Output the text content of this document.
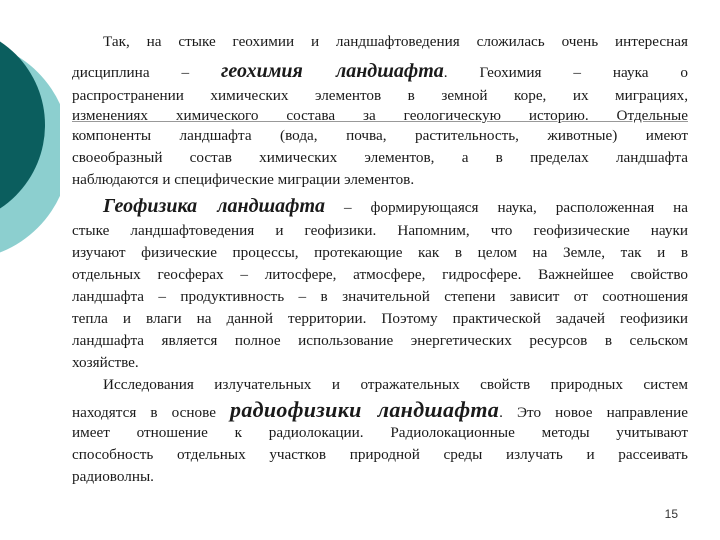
Так, на стыке геохимии и ландшафтоведения сложилась очень интересная
дисциплина – геохимия ландшафта. Геохимия – наука о
распространении химических элементов в земной коре, их миграциях,
изменениях химического состава за геологическую историю. Отдельные
компоненты ландшафта (вода, почва, растительность, животные) имеют
своеобразный состав химических элементов, а в пределах ландшафта
наблюдаются и специфические миграции элементов.
Геофизика ландшафта – формирующаяся наука, расположенная на
стыке ландшафтоведения и геофизики. Напомним, что геофизические науки
изучают физические процессы, протекающие как в целом на Земле, так и в
отдельных геосферах – литосфере, атмосфере, гидросфере. Важнейшее свойство
ландшафта – продуктивность – в значительной степени зависит от соотношения
тепла и влаги на данной территории. Поэтому практической задачей геофизики
ландшафта является полное использование энергетических ресурсов в сельском
хозяйстве.
Исследования излучательных и отражательных свойств природных систем
находятся в основе радиофизики ландшафта. Это новое направление
имеет отношение к радиолокации. Радиолокационные методы учитывают
способность отдельных участков природной среды излучать и рассеивать
радиоволны.
15
